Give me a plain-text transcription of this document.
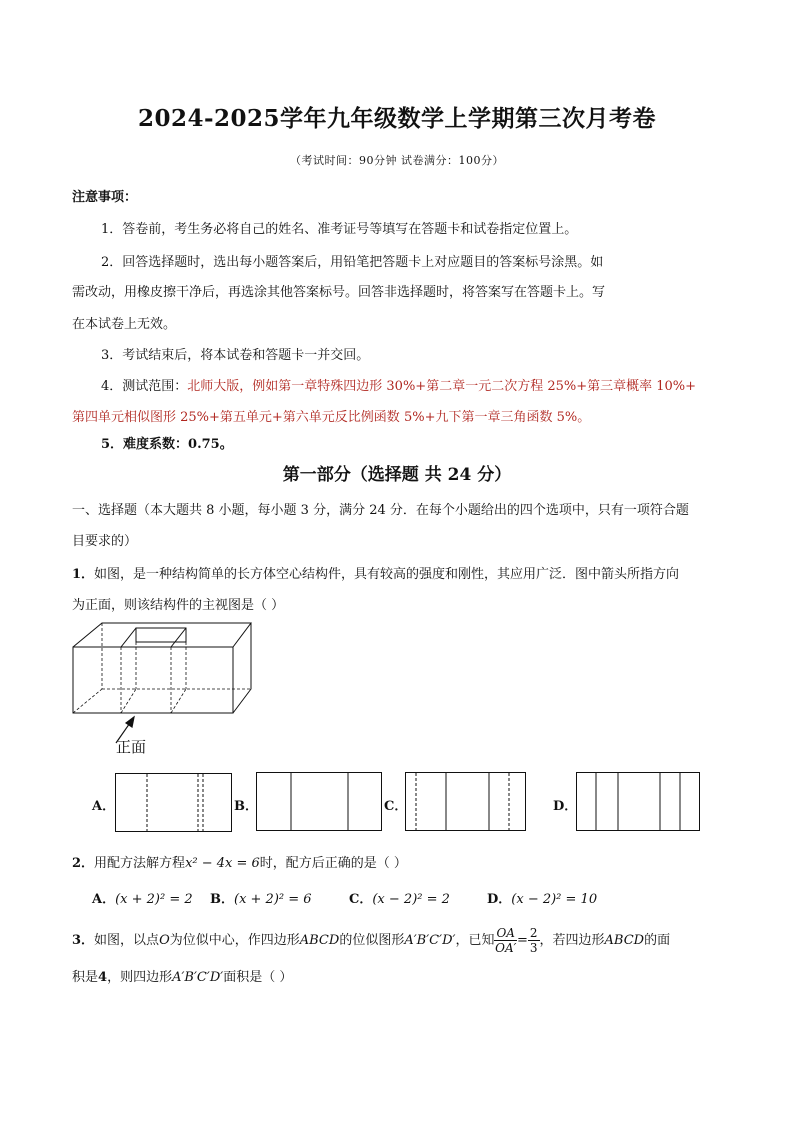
2024-2025学年九年级数学上学期第三次月考卷
（考试时间：90分钟 试卷满分：100分）
注意事项：
1．答卷前，考生务必将自己的姓名、准考证号等填写在答题卡和试卷指定位置上。
2．回答选择题时，选出每小题答案后，用铅笔把答题卡上对应题目的答案标号涂黑。如
需改动，用橡皮擦干净后，再选涂其他答案标号。回答非选择题时，将答案写在答题卡上。写
在本试卷上无效。
3．考试结束后，将本试卷和答题卡一并交回。
4．测试范围：北师大版，例如第一章特殊四边形 30%+第二章一元二次方程 25%+第三章概率 10%+
第四单元相似图形 25%+第五单元+第六单元反比例函数 5%+九下第一章三角函数 5%。
5．难度系数：0.75。
第一部分（选择题 共 24 分）
一、选择题（本大题共 8 小题，每小题 3 分，满分 24 分．在每个小题给出的四个选项中，只有一项符合题
目要求的）
1．如图，是一种结构简单的长方体空心结构件，具有较高的强度和刚性，其应用广泛．图中箭头所指方向
为正面，则该结构件的主视图是（ ）
正面
A．	B．	C．	D．
2．用配方法解方程x² − 4x = 6时，配方后正确的是（ ）
A．(x + 2)² = 2 B．(x + 2)² = 6	C．(x − 2)² = 2	D．(x − 2)² = 10
3．如图，以点O为位似中心，作四边形ABCD的位似图形A′B′C′D′，已知 $\frac{OA}{OA'} = \frac{2}{3}$ ，若四边形ABCD的面
积是4，则四边形A′B′C′D′面积是（ ）
